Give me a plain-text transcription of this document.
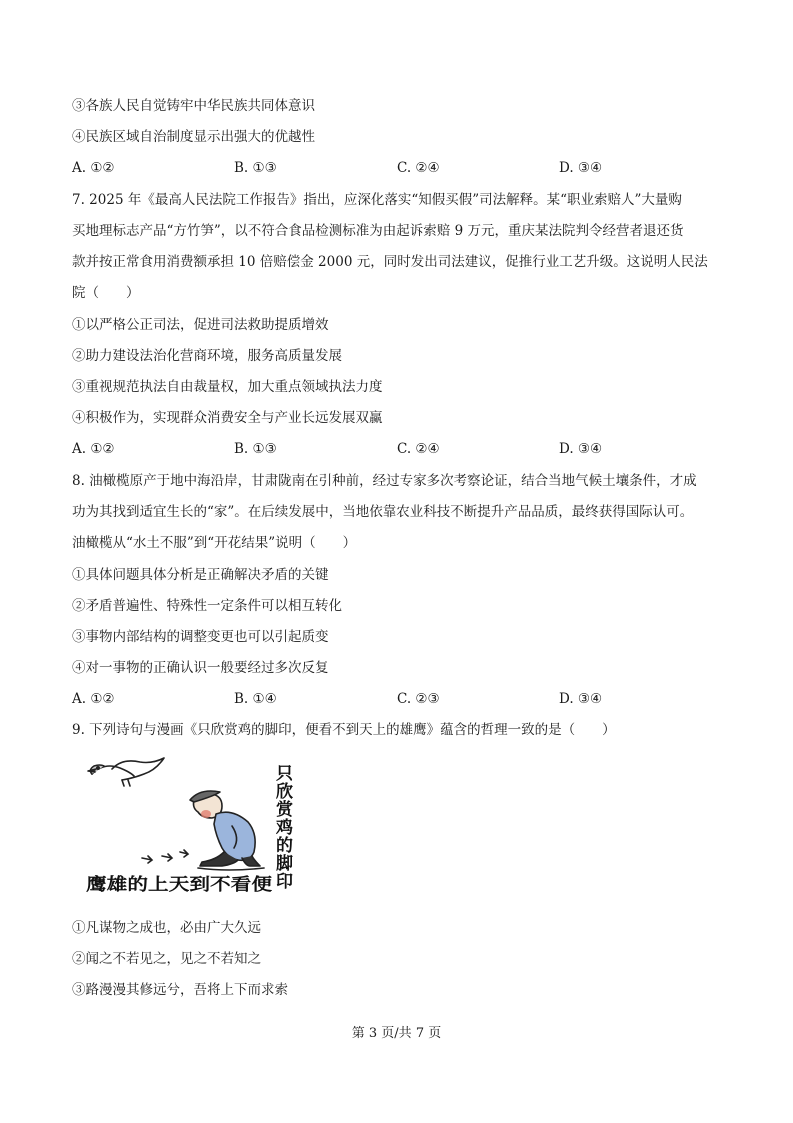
③各族人民自觉铸牢中华民族共同体意识
④民族区域自治制度显示出强大的优越性
A. ①②	B. ①③	C. ②④	D. ③④
7. 2025 年《最高人民法院工作报告》指出，应深化落实“知假买假”司法解释。某“职业索赔人”大量购
买地理标志产品“方竹笋”，以不符合食品检测标准为由起诉索赔 9 万元，重庆某法院判令经营者退还货
款并按正常食用消费额承担 10 倍赔偿金 2000 元，同时发出司法建议，促推行业工艺升级。这说明人民法
院（　　）
①以严格公正司法，促进司法救助提质增效
②助力建设法治化营商环境，服务高质量发展
③重视规范执法自由裁量权，加大重点领域执法力度
④积极作为，实现群众消费安全与产业长远发展双赢
A. ①②	B. ①③	C. ②④	D. ③④
8. 油橄榄原产于地中海沿岸，甘肃陇南在引种前，经过专家多次考察论证，结合当地气候土壤条件，才成
功为其找到适宜生长的“家”。在后续发展中，当地依靠农业科技不断提升产品品质，最终获得国际认可。
油橄榄从“水土不服”到“开花结果”说明（　　）
①具体问题具体分析是正确解决矛盾的关键
②矛盾普遍性、特殊性一定条件可以相互转化
③事物内部结构的调整变更也可以引起质变
④对一事物的正确认识一般要经过多次反复
A. ①②	B. ①④	C. ②③	D. ③④
9. 下列诗句与漫画《只欣赏鸡的脚印，便看不到天上的雄鹰》蕴含的哲理一致的是（　　）
只欣赏鸡的脚印
鹰雄的上天到不看便
①凡谋物之成也，必由广大久远
②闻之不若见之，见之不若知之
③路漫漫其修远兮，吾将上下而求索
第 3 页/共 7 页
